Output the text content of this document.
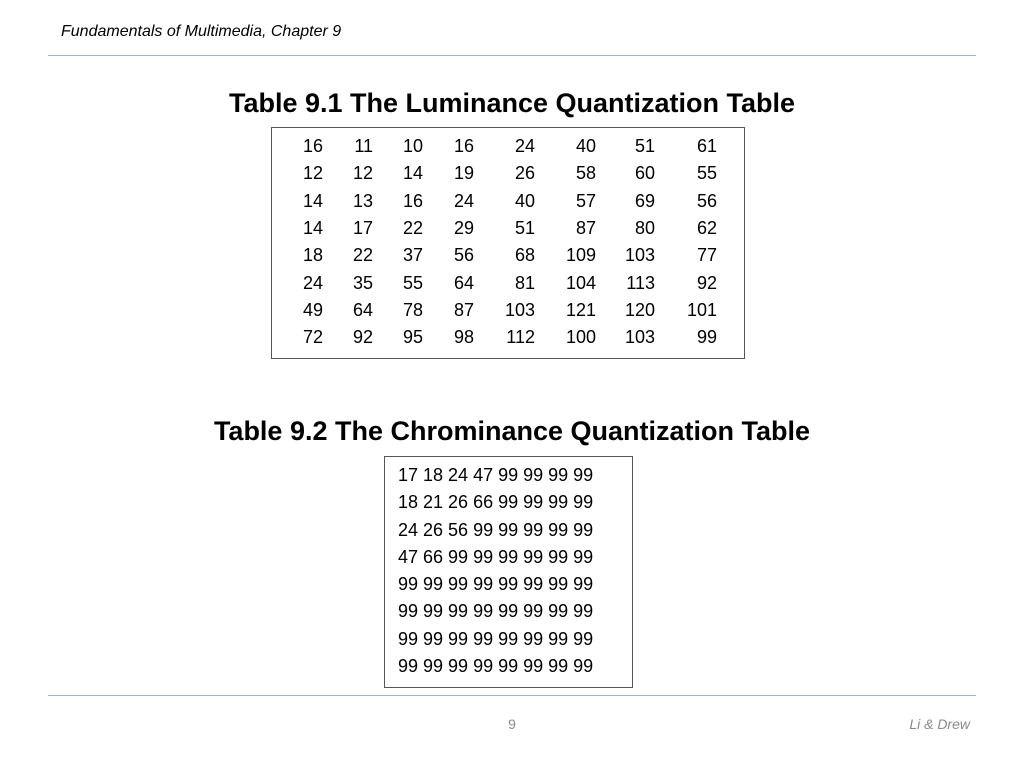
Fundamentals of Multimedia, Chapter 9
Table 9.1 The Luminance Quantization Table
16	11	10	16	24	40	51	61
12	12	14	19	26	58	60	55
14	13	16	24	40	57	69	56
14	17	22	29	51	87	80	62
18	22	37	56	68	109	103	77
24	35	55	64	81	104	113	92
49	64	78	87	103	121	120	101
72	92	95	98	112	100	103	99
Table 9.2 The Chrominance Quantization Table
17 18 24 47 99 99 99 99
18 21 26 66 99 99 99 99
24 26 56 99 99 99 99 99
47 66 99 99 99 99 99 99
99 99 99 99 99 99 99 99
99 99 99 99 99 99 99 99
99 99 99 99 99 99 99 99
99 99 99 99 99 99 99 99
9	Li & Drew
